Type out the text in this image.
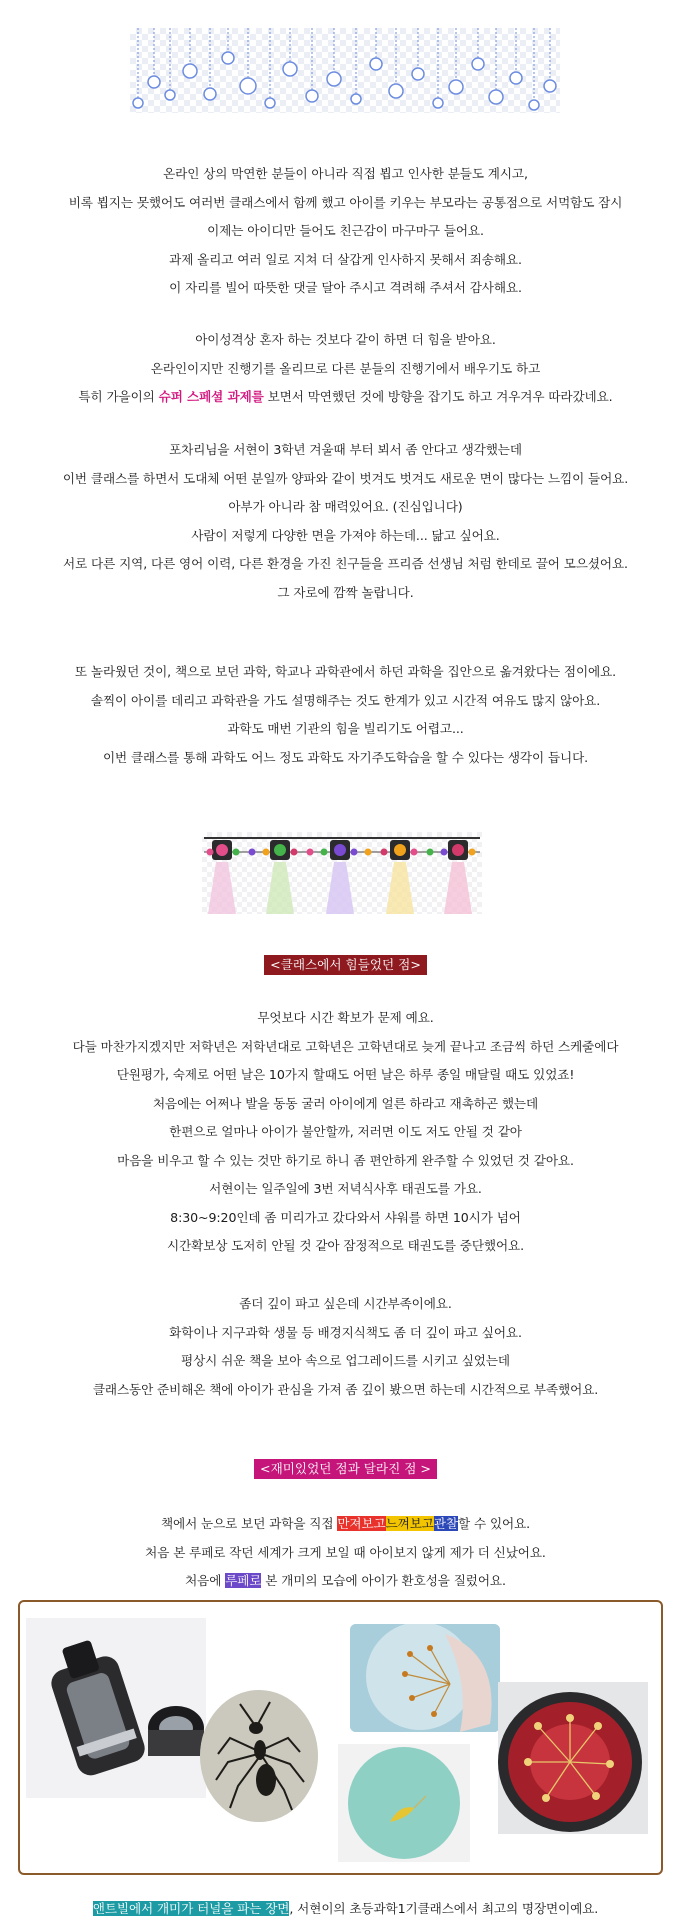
온라인 상의 막연한 분들이 아니라 직접 뵙고 인사한 분들도 계시고,
비록 뵙지는 못했어도 여러번 클래스에서 함께 했고 아이를 키우는 부모라는 공통점으로 서먹함도 잠시
이제는 아이디만 들어도 친근감이 마구마구 들어요.
과제 올리고 여러 일로 지쳐 더 살갑게 인사하지 못해서 죄송해요.
이 자리를 빌어 따뜻한 댓글 달아 주시고 격려해 주셔서 감사해요.
아이성격상 혼자 하는 것보다 같이 하면 더 힘을 받아요.
온라인이지만 진행기를 올리므로 다른 분들의 진행기에서 배우기도 하고
특히 가을이의 슈퍼 스페셜 과제를 보면서 막연했던 것에 방향을 잡기도 하고 겨우겨우 따라갔네요.
포차리님을 서현이 3학년 겨울때 부터 뵈서 좀 안다고 생각했는데
이번 클래스를 하면서 도대체 어떤 분일까 양파와 같이 벗겨도 벗겨도 새로운 면이 많다는 느낌이 들어요.
아부가 아니라 참 매력있어요. (진심입니다)
사람이 저렇게 다양한 면을 가져야 하는데... 닮고 싶어요.
서로 다른 지역, 다른 영어 이력, 다른 환경을 가진 친구들을 프리즘 선생님 처럼 한데로 끌어 모으셨어요.
그 자로에 깜짝 놀랍니다.
또 놀라웠던 것이, 책으로 보던 과학, 학교나 과학관에서 하던 과학을 집안으로 옮겨왔다는 점이에요.
솔찍이 아이를 데리고 과학관을 가도 설명해주는 것도 한계가 있고 시간적 여유도 많지 않아요.
과학도 매번 기관의 힘을 빌리기도 어렵고...
이번 클래스를 통해 과학도 어느 정도 과학도 자기주도학습을 할 수 있다는 생각이 듭니다.
<클래스에서 힘들었던 점>
무엇보다 시간 확보가 문제 예요.
다들 마찬가지겠지만 저학년은 저학년대로 고학년은 고학년대로 늦게 끝나고 조금씩 하던 스케줄에다
단원평가, 숙제로 어떤 날은 10가지 할때도 어떤 날은 하루 종일 매달릴 때도 있었죠!
처음에는 어쩌나 발을 동동 굴러 아이에게 얼른 하라고 재촉하곤 했는데
한편으로 얼마나 아이가 불안할까, 저러면 이도 저도 안될 것 같아
마음을 비우고 할 수 있는 것만 하기로 하니 좀 편안하게 완주할 수 있었던 것 같아요.
서현이는 일주일에 3번 저녁식사후 태권도를 가요.
8:30~9:20인데 좀 미리가고 갔다와서 샤워를 하면 10시가 넘어
시간확보상 도저히 안될 것 같아 잠정적으로 태권도를 중단했어요.
좀더 깊이 파고 싶은데 시간부족이에요.
화학이나 지구과학 생물 등 배경지식책도 좀 더 깊이 파고 싶어요.
평상시 쉬운 책을 보아 속으로 업그레이드를 시키고 싶었는데
클래스동안 준비해온 책에 아이가 관심을 가져 좀 깊이 봤으면 하는데 시간적으로 부족했어요.
<재미있었던 점과 달라진 점 >
책에서 눈으로 보던 과학을 직접 만져보고느껴보고관찰할 수 있어요.
처음 본 루페로 작던 세계가 크게 보일 때 아이보지 않게 제가 더 신났어요.
처음에 루페로 본 개미의 모습에 아이가 환호성을 질렀어요.
앤트빌에서 개미가 터널을 파는 장면, 서현이의 초등과학1기클래스에서 최고의 명장면이예요.
